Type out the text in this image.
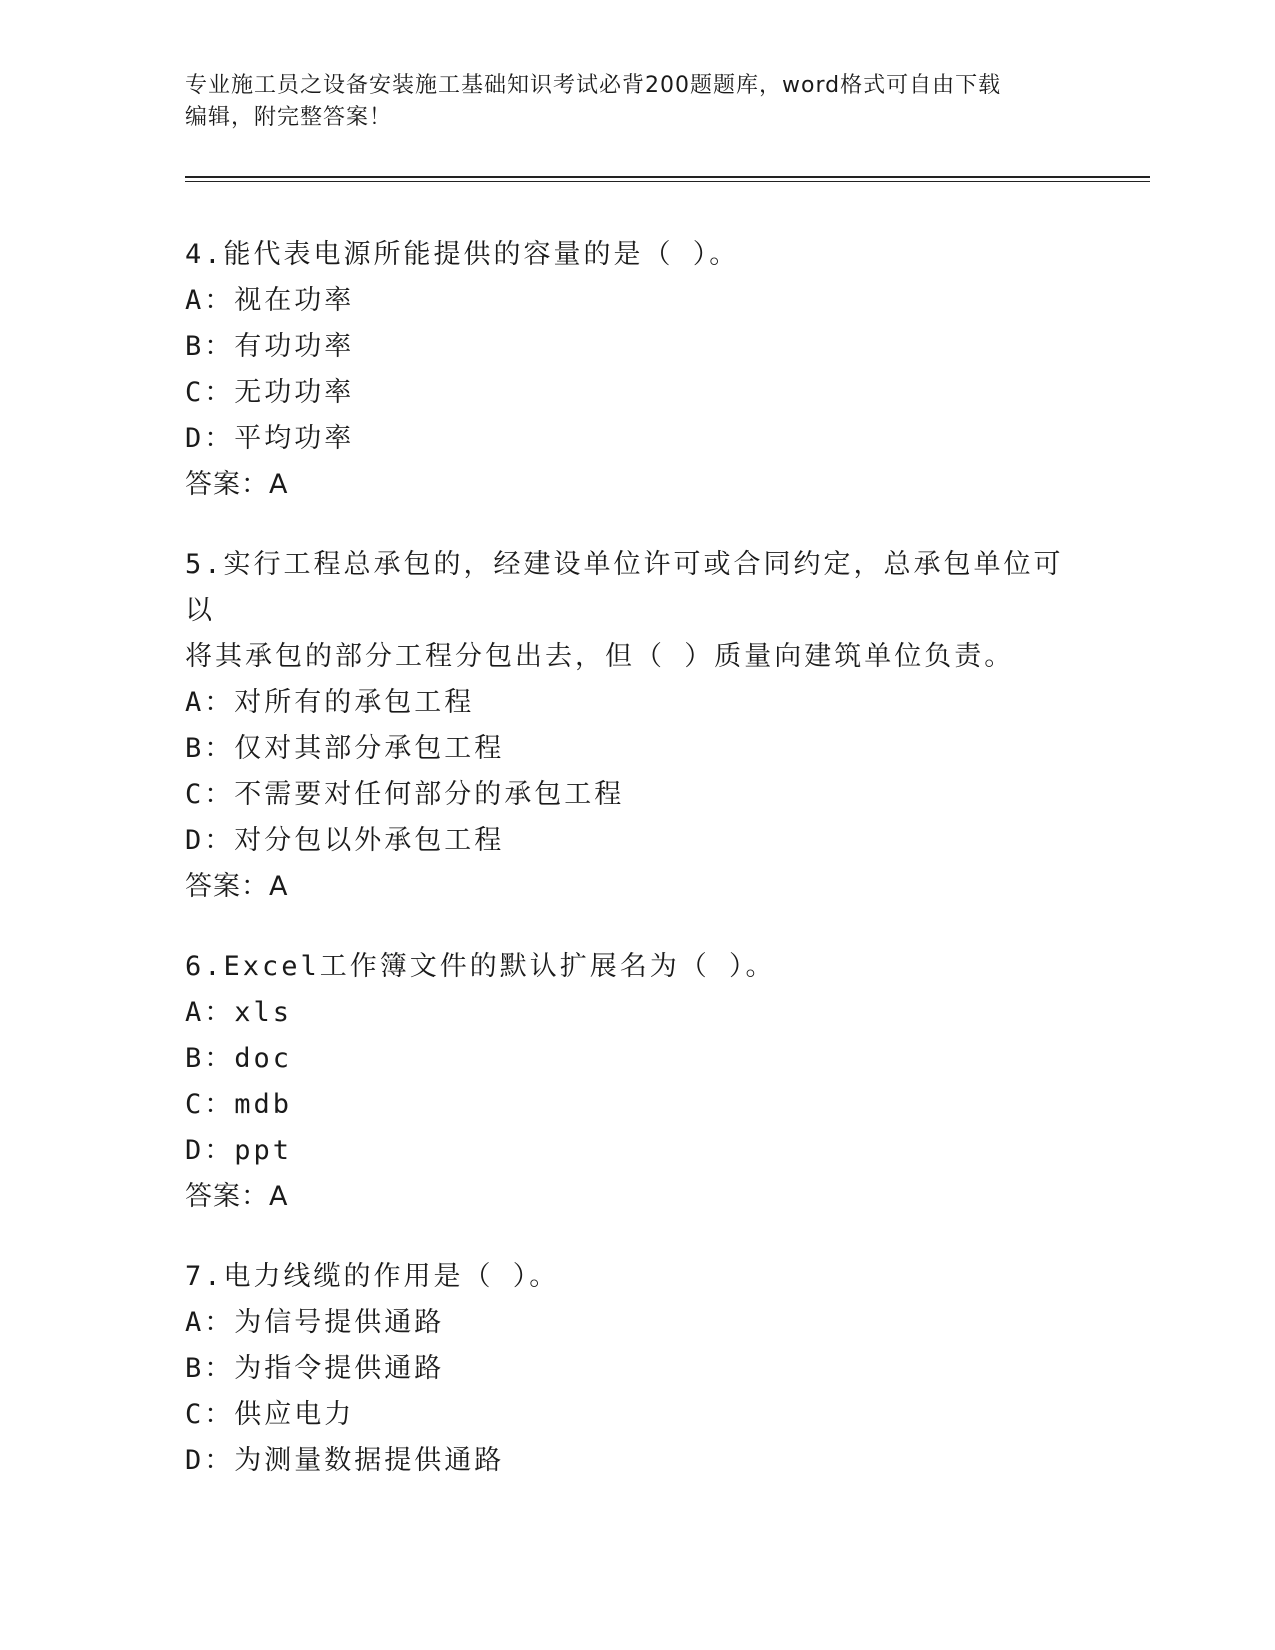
专业施工员之设备安装施工基础知识考试必背200题题库，word格式可自由下载
编辑，附完整答案！
4.能代表电源所能提供的容量的是（ ）。
A：视在功率
B：有功功率
C：无功功率
D：平均功率
答案：A
5.实行工程总承包的，经建设单位许可或合同约定，总承包单位可以
将其承包的部分工程分包出去，但（ ）质量向建筑单位负责。
A：对所有的承包工程
B：仅对其部分承包工程
C：不需要对任何部分的承包工程
D：对分包以外承包工程
答案：A
6.Excel工作簿文件的默认扩展名为（ ）。
A：xls
B：doc
C：mdb
D：ppt
答案：A
7.电力线缆的作用是（ ）。
A：为信号提供通路
B：为指令提供通路
C：供应电力
D：为测量数据提供通路
